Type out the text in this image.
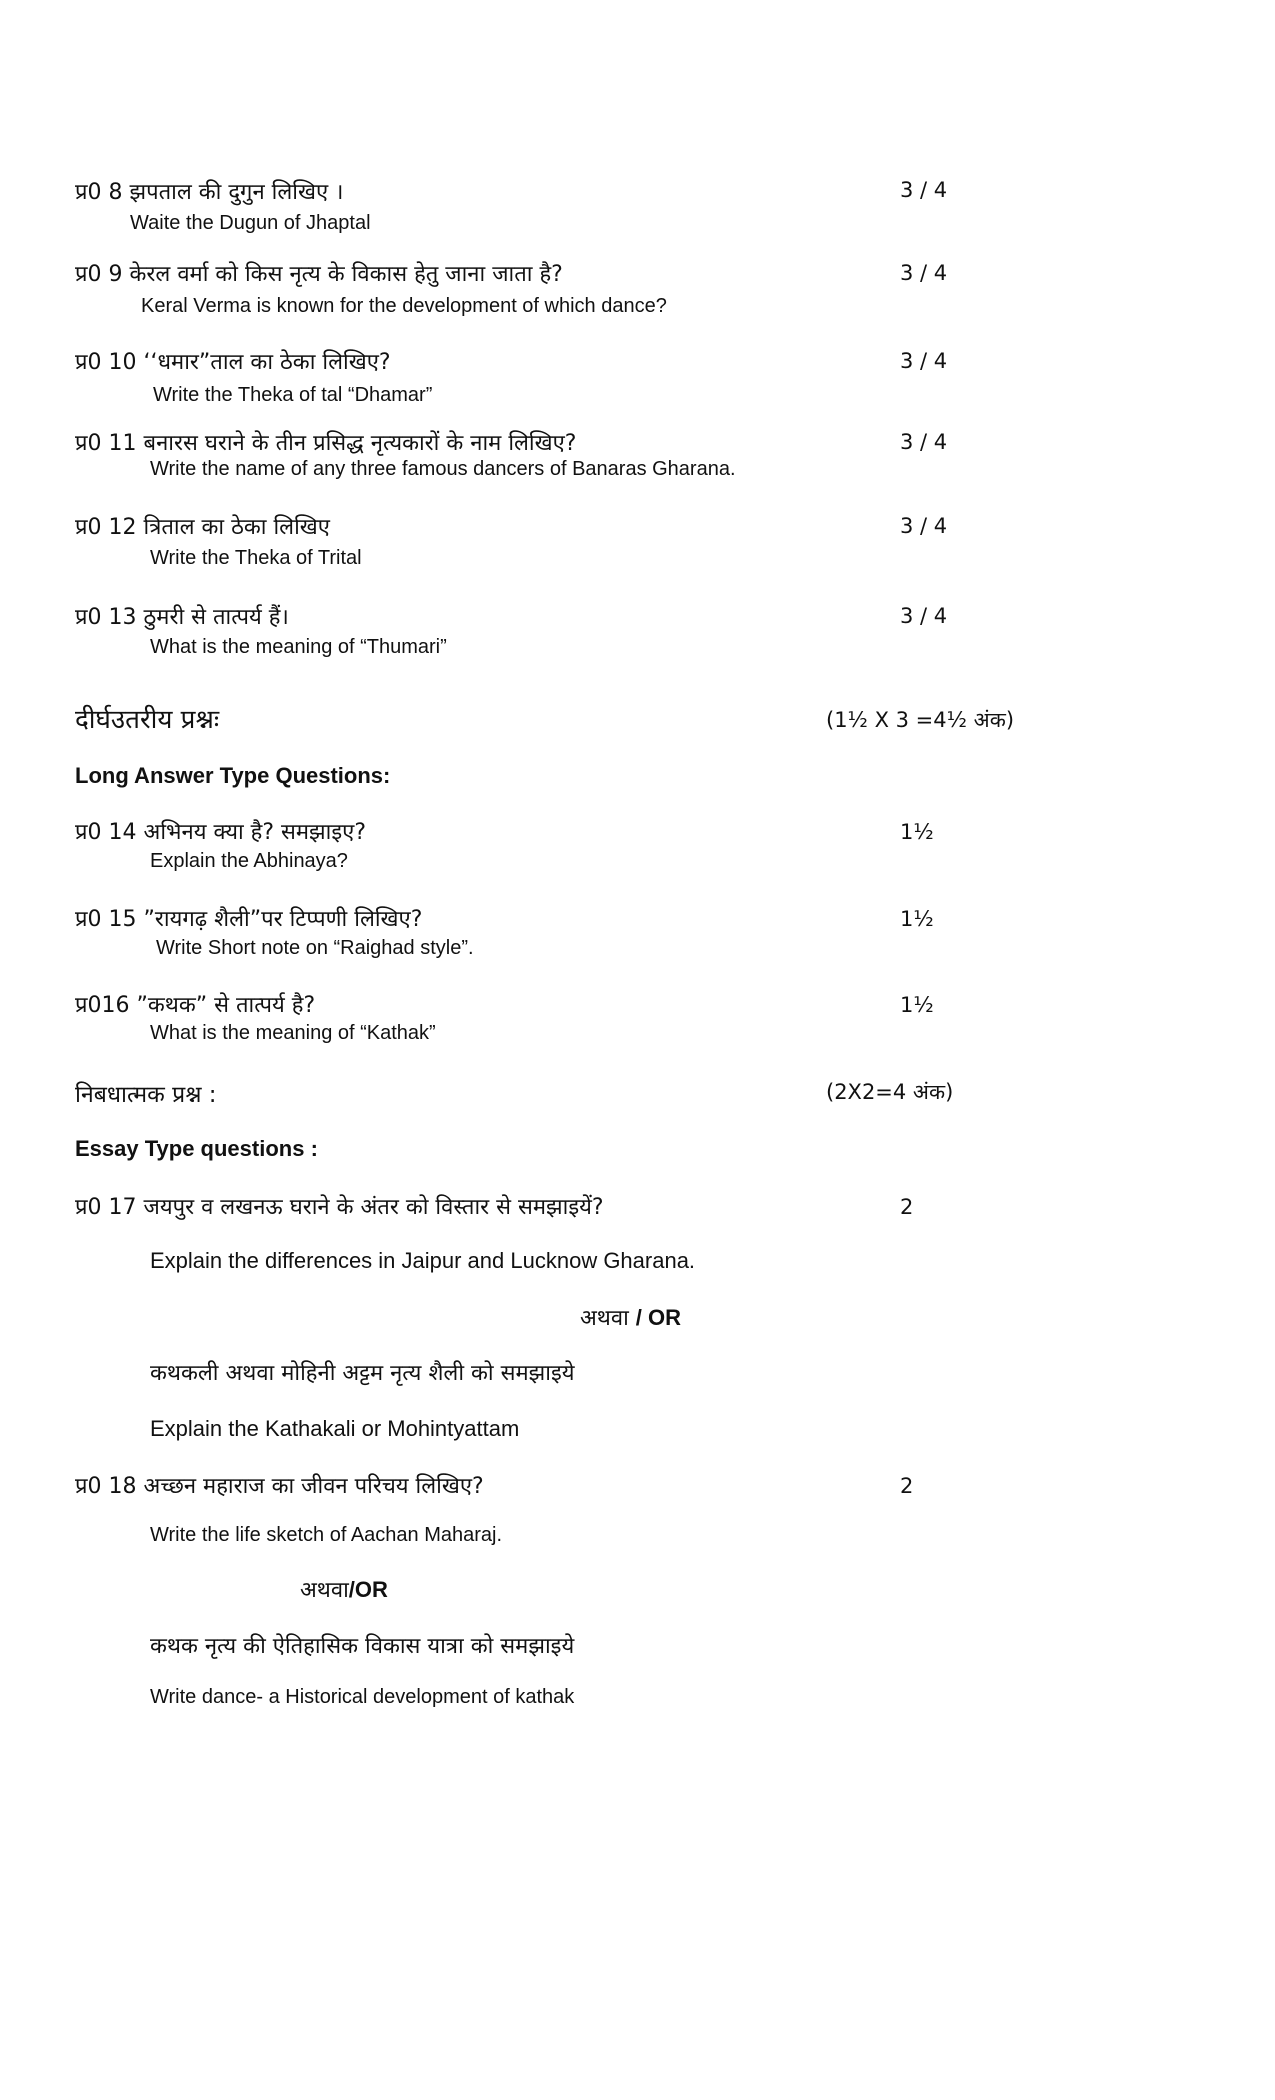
प्र0 8 झपताल की दुगुन लिखिए ।	3 / 4
Waite the Dugun of Jhaptal
प्र0 9 केरल वर्मा को किस नृत्य के विकास हेतु जाना जाता है?	3 / 4
Keral Verma is known for the development of which dance?
प्र0 10 ‘‘धमार”ताल का ठेका लिखिए?	3 / 4
Write the Theka of tal “Dhamar”
प्र0 11 बनारस घराने के तीन प्रसिद्ध नृत्यकारों के नाम लिखिए?	3 / 4
Write the name of any three famous dancers of Banaras Gharana.
प्र0 12 त्रिताल का ठेका लिखिए	3 / 4
Write the Theka of Trital
प्र0 13 ठुमरी से तात्पर्य हैं।	3 / 4
What is the meaning of “Thumari”
दीर्घउतरीय प्रश्नः	(1½ X 3 =4½ अंक)
Long Answer Type Questions:
प्र0 14 अभिनय क्या है? समझाइए?	1½
Explain the Abhinaya?
प्र0 15 ”रायगढ़ शैली”पर टिप्पणी लिखिए?	1½
Write Short note on “Raighad style”.
प्र016 ”कथक” से तात्पर्य है?	1½
What is the meaning of “Kathak”
निबधात्मक प्रश्न :	(2X2=4 अंक)
Essay Type questions :
प्र0 17 जयपुर व लखनऊ घराने के अंतर को विस्तार से समझाइयें?	2
Explain the differences in Jaipur and Lucknow Gharana.
अथवा / OR
कथकली अथवा मोहिनी अट्टम नृत्य शैली को समझाइये
Explain the Kathakali or Mohintyattam
प्र0 18 अच्छन महाराज का जीवन परिचय लिखिए?	2
Write the life sketch of Aachan Maharaj.
अथवा/OR
कथक नृत्य की ऐतिहासिक विकास यात्रा को समझाइये
Write dance- a Historical development of kathak
